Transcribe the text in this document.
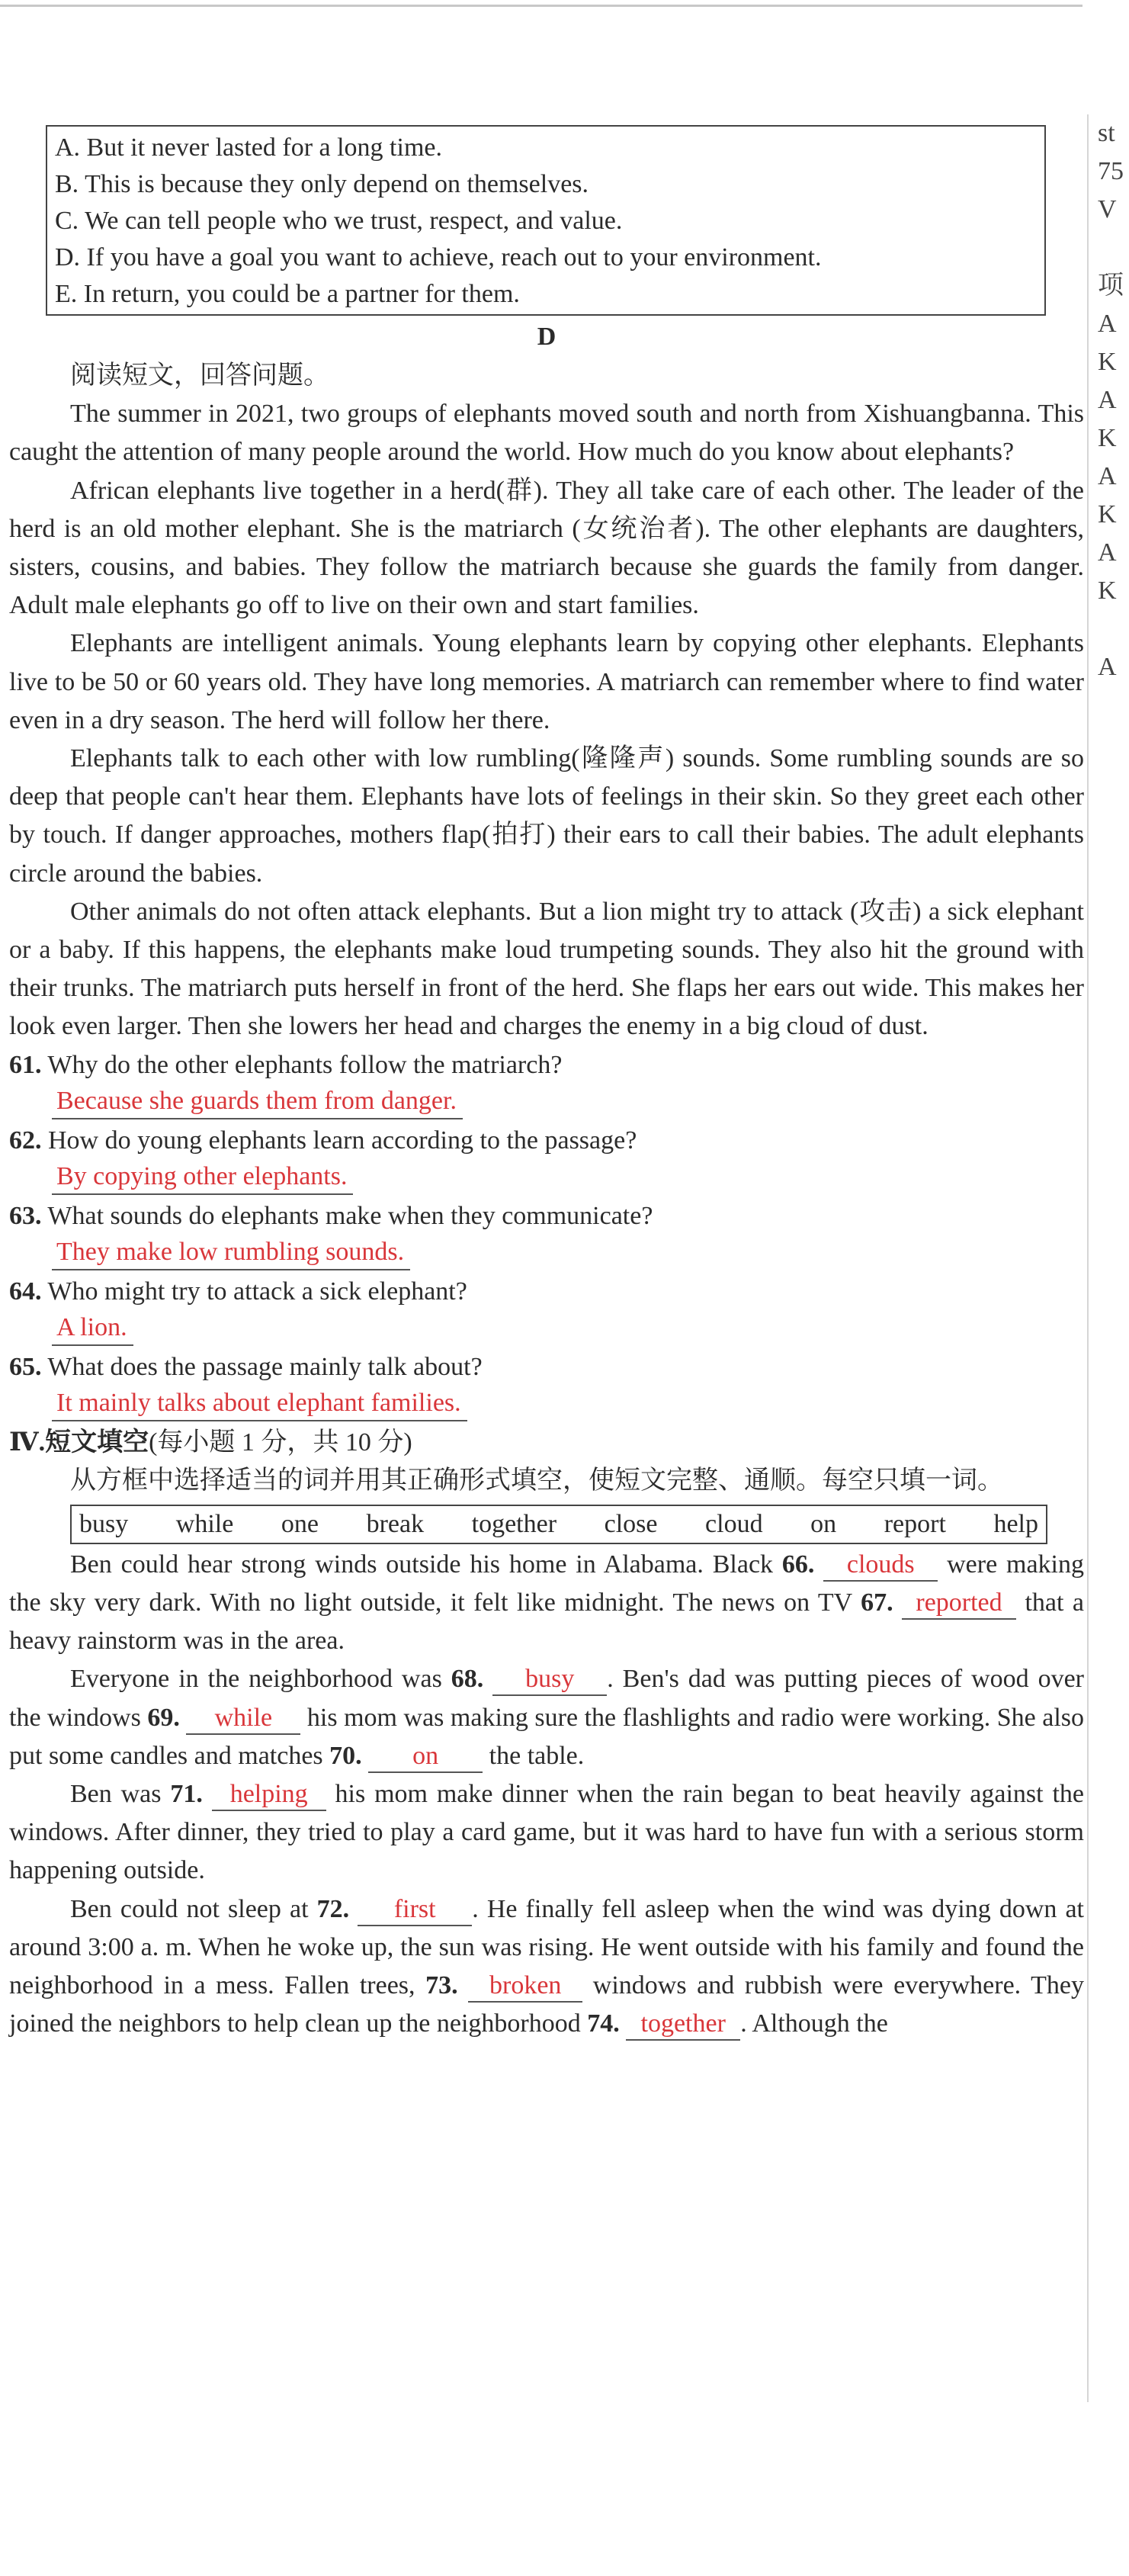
A. But it never lasted for a long time.
B. This is because they only depend on themselves.
C. We can tell people who we trust, respect, and value.
D. If you have a goal you want to achieve, reach out to your environment.
E. In return, you could be a partner for them.
D

阅读短文，回答问题。

The summer in 2021, two groups of elephants moved south and north from Xishuangbanna. This caught the attention of many people around the world. How much do you know about elephants?

African elephants live together in a herd(群). They all take care of each other. The leader of the herd is an old mother elephant. She is the matriarch (女统治者). The other elephants are daughters, sisters, cousins, and babies. They follow the matriarch because she guards the family from danger. Adult male elephants go off to live on their own and start families.

Elephants are intelligent animals. Young elephants learn by copying other elephants. Elephants live to be 50 or 60 years old. They have long memories. A matriarch can remember where to find water even in a dry season. The herd will follow her there.

Elephants talk to each other with low rumbling(隆隆声) sounds. Some rumbling sounds are so deep that people can't hear them. Elephants have lots of feelings in their skin. So they greet each other by touch. If danger approaches, mothers flap(拍打) their ears to call their babies. The adult elephants circle around the babies.

Other animals do not often attack elephants. But a lion might try to attack (攻击) a sick elephant or a baby. If this happens, the elephants make loud trumpeting sounds. They also hit the ground with their trunks. The matriarch puts herself in front of the herd. She flaps her ears out wide. This makes her look even larger. Then she lowers her head and charges the enemy in a big cloud of dust.

61. Why do the other elephants follow the matriarch?

Because she guards them from danger.

62. How do young elephants learn according to the passage?

By copying other elephants.

63. What sounds do elephants make when they communicate?

They make low rumbling sounds.

64. Who might try to attack a sick elephant?

A lion.

65. What does the passage mainly talk about?

It mainly talks about elephant families.

Ⅳ.短文填空(每小题 1 分，共 10 分)

从方框中选择适当的词并用其正确形式填空，使短文完整、通顺。每空只填一词。

busy while one break together close cloud on report help

Ben could hear strong winds outside his home in Alabama. Black 66. clouds were making the sky very dark. With no light outside, it felt like midnight. The news on TV 67. reported that a heavy rainstorm was in the area.

Everyone in the neighborhood was 68. busy . Ben's dad was putting pieces of wood over the windows 69. while his mom was making sure the flashlights and radio were working. She also put some candles and matches 70. on the table.

Ben was 71. helping his mom make dinner when the rain began to beat heavily against the windows. After dinner, they tried to play a card game, but it was hard to have fun with a serious storm happening outside.

Ben could not sleep at 72. first . He finally fell asleep when the wind was dying down at around 3:00 a. m. When he woke up, the sun was rising. He went outside with his family and found the neighborhood in a mess. Fallen trees, 73. broken windows and rubbish were everywhere. They joined the neighbors to help clean up the neighborhood 74. together . Although the

st
75
V
项
A
K
A
K
A
K
A
K
A
